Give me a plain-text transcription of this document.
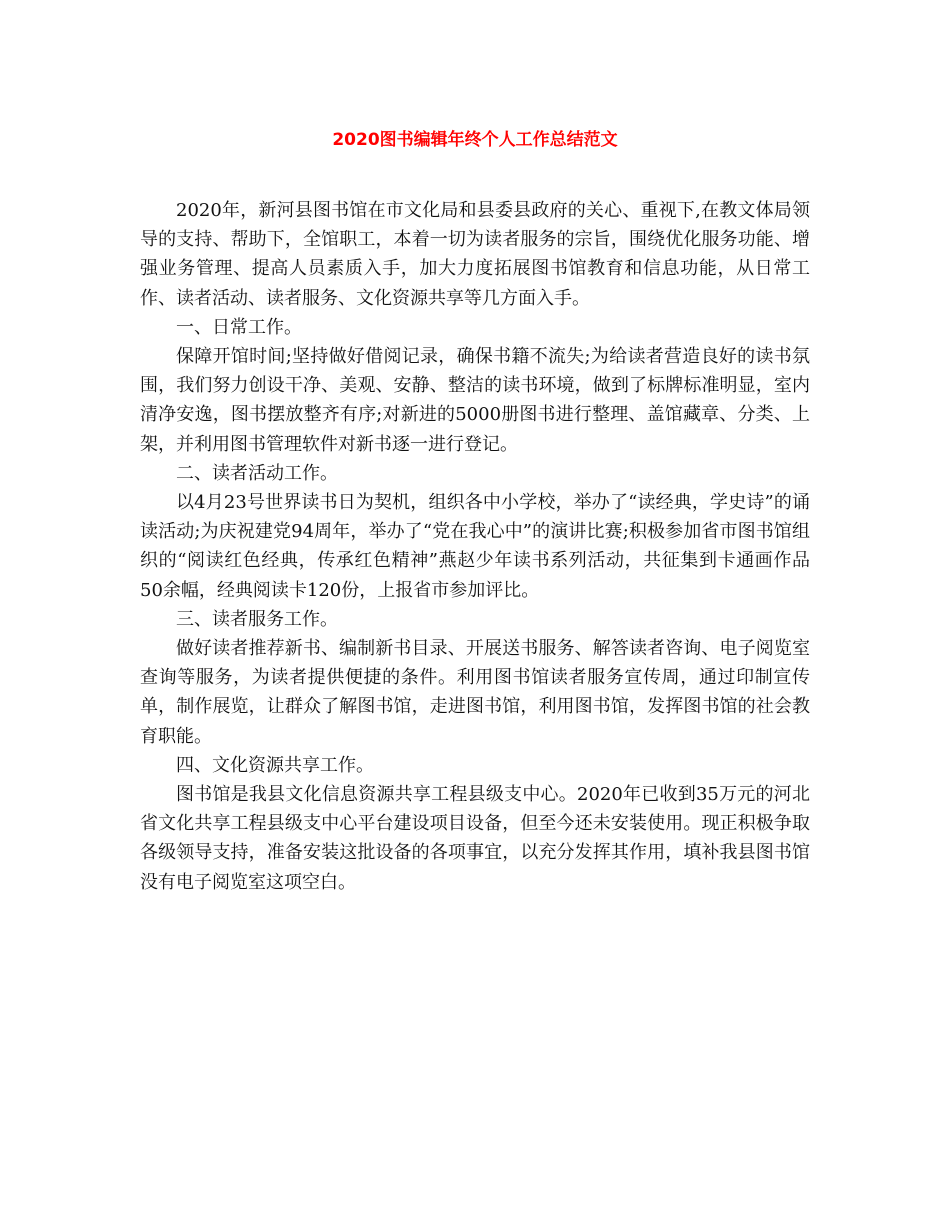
2020图书编辑年终个人工作总结范文

2020年，新河县图书馆在市文化局和县委县政府的关心、重视下,在教文体局领导的支持、帮助下，全馆职工，本着一切为读者服务的宗旨，围绕优化服务功能、增强业务管理、提高人员素质入手，加大力度拓展图书馆教育和信息功能，从日常工作、读者活动、读者服务、文化资源共享等几方面入手。

一、日常工作。

保障开馆时间;坚持做好借阅记录，确保书籍不流失;为给读者营造良好的读书氛围，我们努力创设干净、美观、安静、整洁的读书环境，做到了标牌标准明显，室内清净安逸，图书摆放整齐有序;对新进的5000册图书进行整理、盖馆藏章、分类、上架，并利用图书管理软件对新书逐一进行登记。

二、读者活动工作。

以4月23号世界读书日为契机，组织各中小学校，举办了“读经典，学史诗”的诵读活动;为庆祝建党94周年，举办了“党在我心中”的演讲比赛;积极参加省市图书馆组织的“阅读红色经典，传承红色精神”燕赵少年读书系列活动，共征集到卡通画作品50余幅，经典阅读卡120份，上报省市参加评比。

三、读者服务工作。

做好读者推荐新书、编制新书目录、开展送书服务、解答读者咨询、电子阅览室查询等服务，为读者提供便捷的条件。利用图书馆读者服务宣传周，通过印制宣传单，制作展览，让群众了解图书馆，走进图书馆，利用图书馆，发挥图书馆的社会教育职能。

四、文化资源共享工作。

图书馆是我县文化信息资源共享工程县级支中心。2020年已收到35万元的河北省文化共享工程县级支中心平台建设项目设备，但至今还未安装使用。现正积极争取各级领导支持，准备安装这批设备的各项事宜，以充分发挥其作用，填补我县图书馆没有电子阅览室这项空白。
